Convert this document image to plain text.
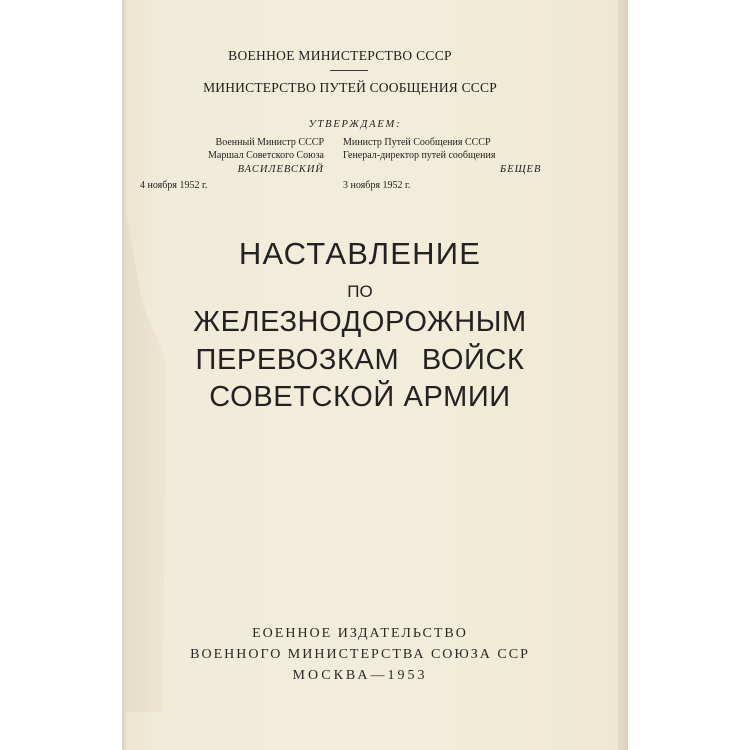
ВОЕННОЕ МИНИСТЕРСТВО СССР
МИНИСТЕРСТВО ПУТЕЙ СООБЩЕНИЯ СССР
УТВЕРЖДАЕМ:
Военный Министр СССР
Маршал Советского Союза
ВАСИЛЕВСКИЙ
4 ноября 1952 г.
Министр Путей Сообщения СССР
Генерал-директор путей сообщения
БЕЩЕВ
3 ноября 1952 г.
НАСТАВЛЕНИЕ
ПО
ЖЕЛЕЗНОДОРОЖНЫМ
ПЕРЕВОЗКАМ ВОЙСК
СОВЕТСКОЙ АРМИИ
ЕОЕННОЕ ИЗДАТЕЛЬСТВО
ВОЕННОГО МИНИСТЕРСТВА СОЮЗА ССР
МОСКВА—1953
